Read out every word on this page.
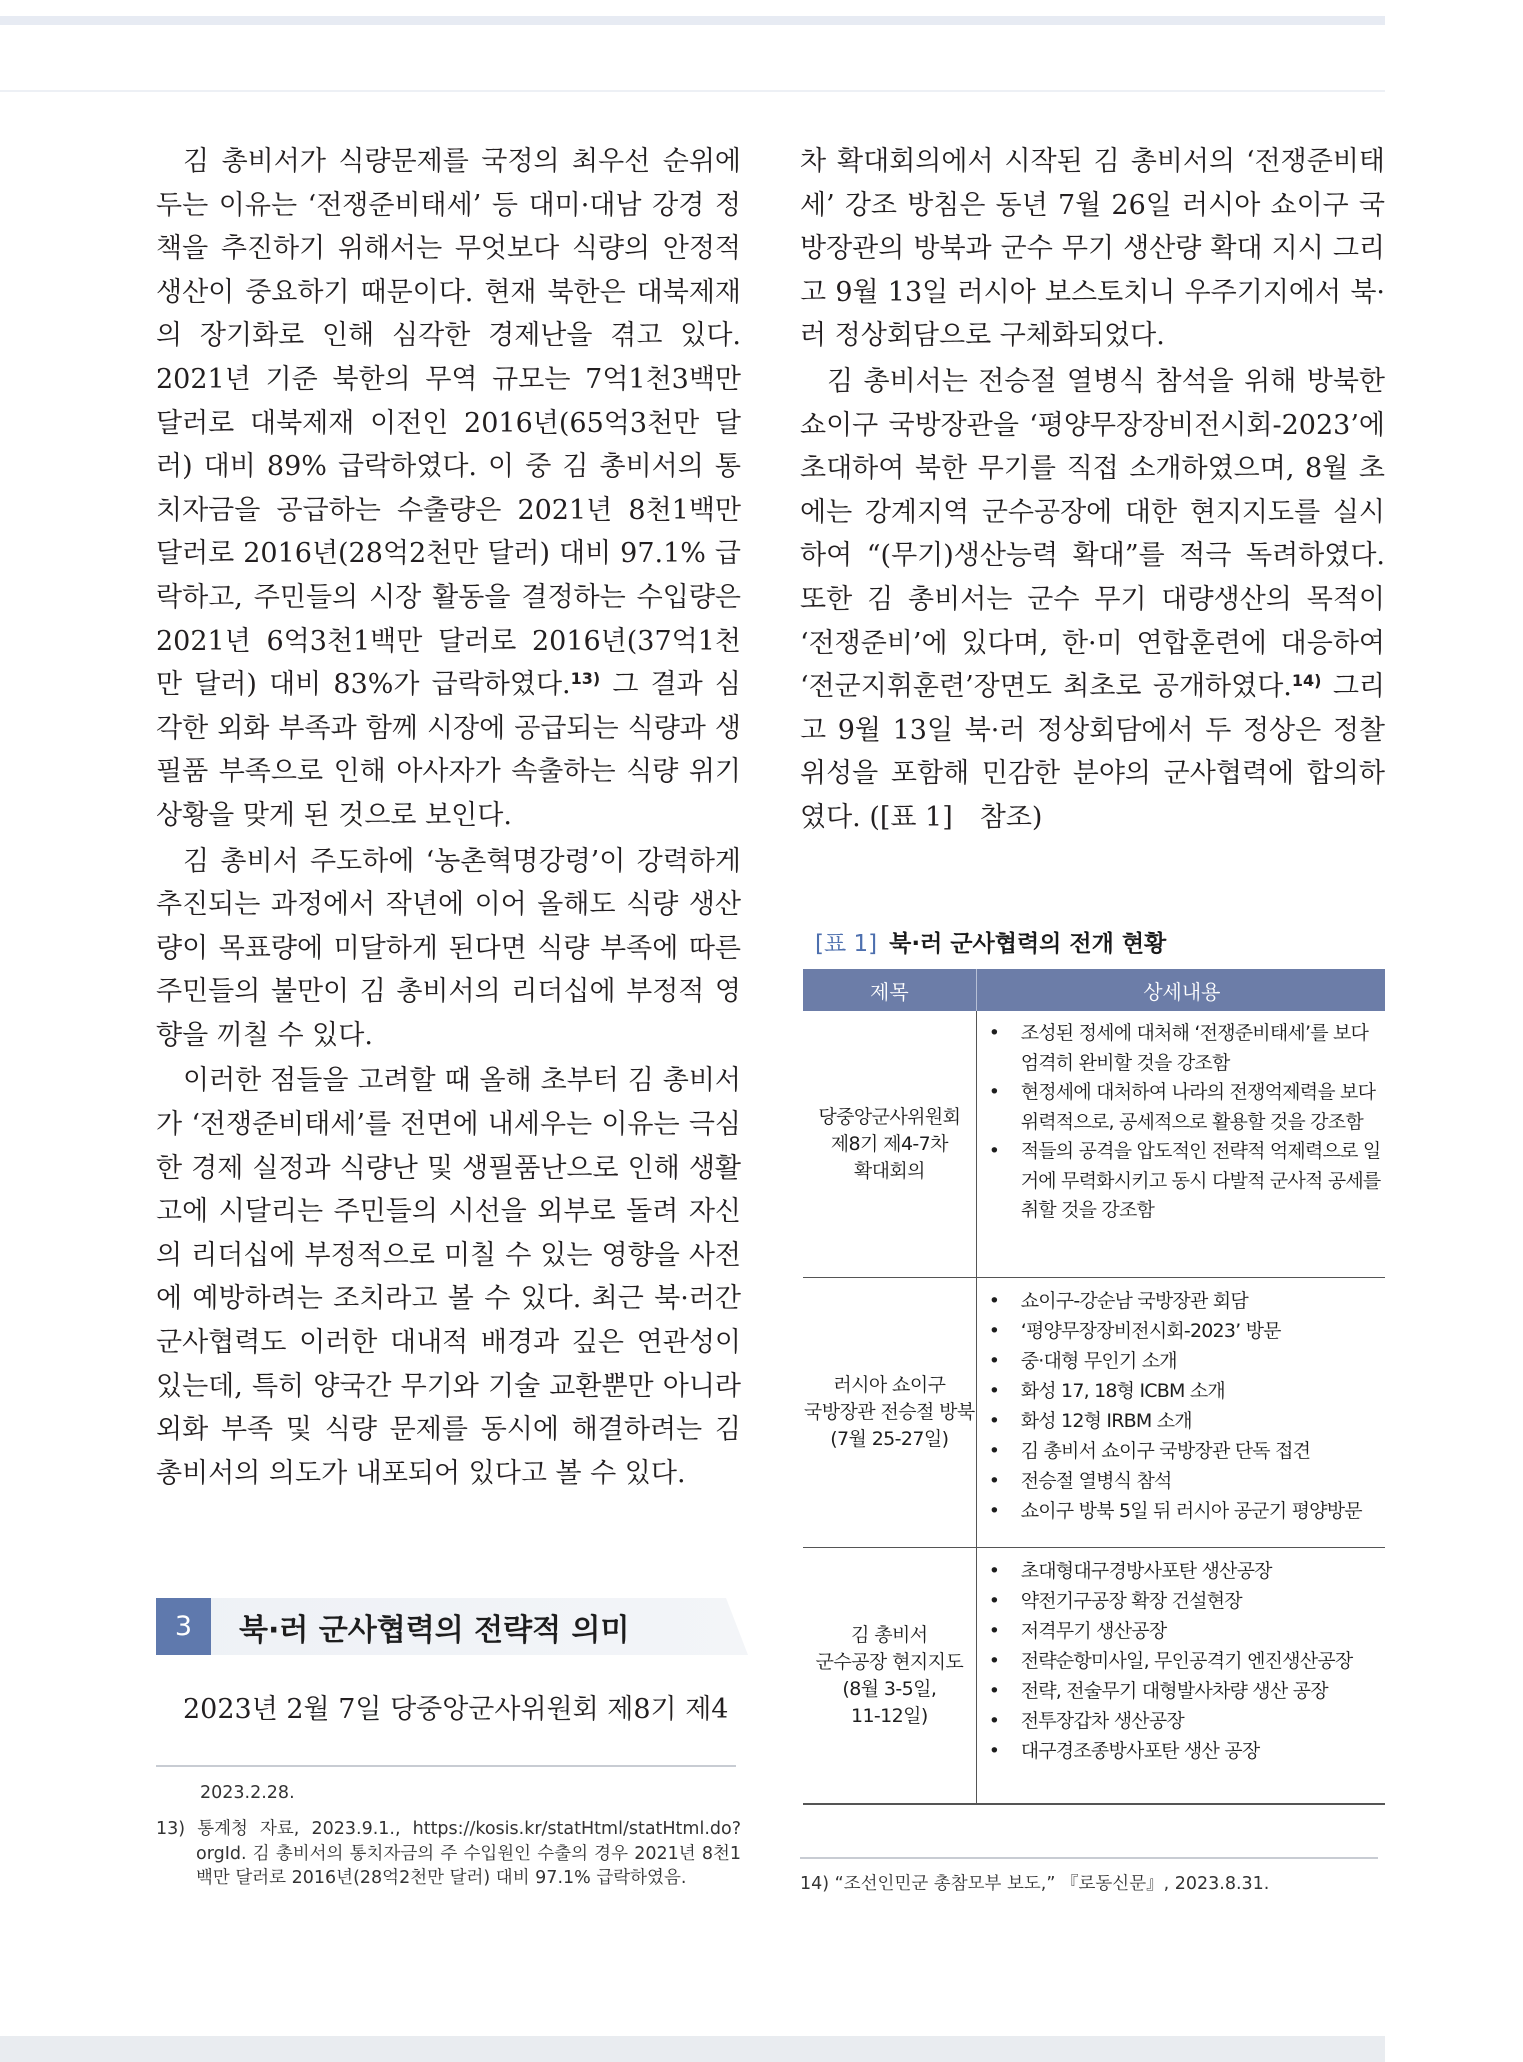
김 총비서가 식량문제를 국정의 최우선 순위에 두는 이유는 ‘전쟁준비태세’ 등 대미·대남 강경 정책을 추진하기 위해서는 무엇보다 식량의 안정적 생산이 중요하기 때문이다. 현재 북한은 대북제재의 장기화로 인해 심각한 경제난을 겪고 있다. 2021년 기준 북한의 무역 규모는 7억1천3백만 달러로 대북제재 이전인 2016년(65억3천만 달러) 대비 89% 급락하였다. 이 중 김 총비서의 통치자금을 공급하는 수출량은 2021년 8천1백만 달러로 2016년(28억2천만 달러) 대비 97.1% 급락하고, 주민들의 시장 활동을 결정하는 수입량은 2021년 6억3천1백만 달러로 2016년(37억1천만 달러) 대비 83%가 급락하였다.$^{13)}$ 그 결과 심각한 외화 부족과 함께 시장에 공급되는 식량과 생필품 부족으로 인해 아사자가 속출하는 식량 위기 상황을 맞게 된 것으로 보인다.

김 총비서 주도하에 ‘농촌혁명강령’이 강력하게 추진되는 과정에서 작년에 이어 올해도 식량 생산량이 목표량에 미달하게 된다면 식량 부족에 따른 주민들의 불만이 김 총비서의 리더십에 부정적 영향을 끼칠 수 있다.

이러한 점들을 고려할 때 올해 초부터 김 총비서가 ‘전쟁준비태세’를 전면에 내세우는 이유는 극심한 경제 실정과 식량난 및 생필품난으로 인해 생활고에 시달리는 주민들의 시선을 외부로 돌려 자신의 리더십에 부정적으로 미칠 수 있는 영향을 사전에 예방하려는 조치라고 볼 수 있다. 최근 북·러간 군사협력도 이러한 대내적 배경과 깊은 연관성이 있는데, 특히 양국간 무기와 기술 교환뿐만 아니라 외화 부족 및 식량 문제를 동시에 해결하려는 김 총비서의 의도가 내포되어 있다고 볼 수 있다.

3	북·러 군사협력의 전략적 의미
2023년 2월 7일 당중앙군사위원회 제8기 제4
2023.2.28.
13) 통계청 자료, 2023.9.1., https://kosis.kr/statHtml/statHtml.do?orgId. 김 총비서의 통치자금의 주 수입원인 수출의 경우 2021년 8천1백만 달러로 2016년(28억2천만 달러) 대비 97.1% 급락하였음.

차 확대회의에서 시작된 김 총비서의 ‘전쟁준비태세’ 강조 방침은 동년 7월 26일 러시아 쇼이구 국방장관의 방북과 군수 무기 생산량 확대 지시 그리고 9월 13일 러시아 보스토치니 우주기지에서 북·러 정상회담으로 구체화되었다.

김 총비서는 전승절 열병식 참석을 위해 방북한 쇼이구 국방장관을 ‘평양무장장비전시회-2023’에 초대하여 북한 무기를 직접 소개하였으며, 8월 초에는 강계지역 군수공장에 대한 현지지도를 실시하여 “(무기)생산능력 확대”를 적극 독려하였다. 또한 김 총비서는 군수 무기 대량생산의 목적이 ‘전쟁준비’에 있다며, 한·미 연합훈련에 대응하여 ‘전군지휘훈련’장면도 최초로 공개하였다.$^{14)}$ 그리고 9월 13일 북·러 정상회담에서 두 정상은 정찰위성을 포함해 민감한 분야의 군사협력에 합의하였다. ([표 1] 참조)

[표 1] 북·러 군사협력의 전개 현황
제목	상세내용
당중앙군사위원회
제8기 제4-7차
확대회의
• 조성된 정세에 대처해 ‘전쟁준비태세’를 보다 엄격히 완비할 것을 강조함
• 현정세에 대처하여 나라의 전쟁억제력을 보다 위력적으로, 공세적으로 활용할 것을 강조함
• 적들의 공격을 압도적인 전략적 억제력으로 일거에 무력화시키고 동시 다발적 군사적 공세를 취할 것을 강조함
러시아 쇼이구
국방장관 전승절 방북
(7월 25-27일)
• 쇼이구-강순남 국방장관 회담
• ‘평양무장장비전시회-2023’ 방문
• 중·대형 무인기 소개
• 화성 17, 18형 ICBM 소개
• 화성 12형 IRBM 소개
• 김 총비서 쇼이구 국방장관 단독 접견
• 전승절 열병식 참석
• 쇼이구 방북 5일 뒤 러시아 공군기 평양방문
김 총비서
군수공장 현지지도
(8월 3-5일,
11-12일)
• 초대형대구경방사포탄 생산공장
• 약전기구공장 확장 건설현장
• 저격무기 생산공장
• 전략순항미사일, 무인공격기 엔진생산공장
• 전략, 전술무기 대형발사차량 생산 공장
• 전투장갑차 생산공장
• 대구경조종방사포탄 생산 공장
14) “조선인민군 총참모부 보도,” 『로동신문』, 2023.8.31.
